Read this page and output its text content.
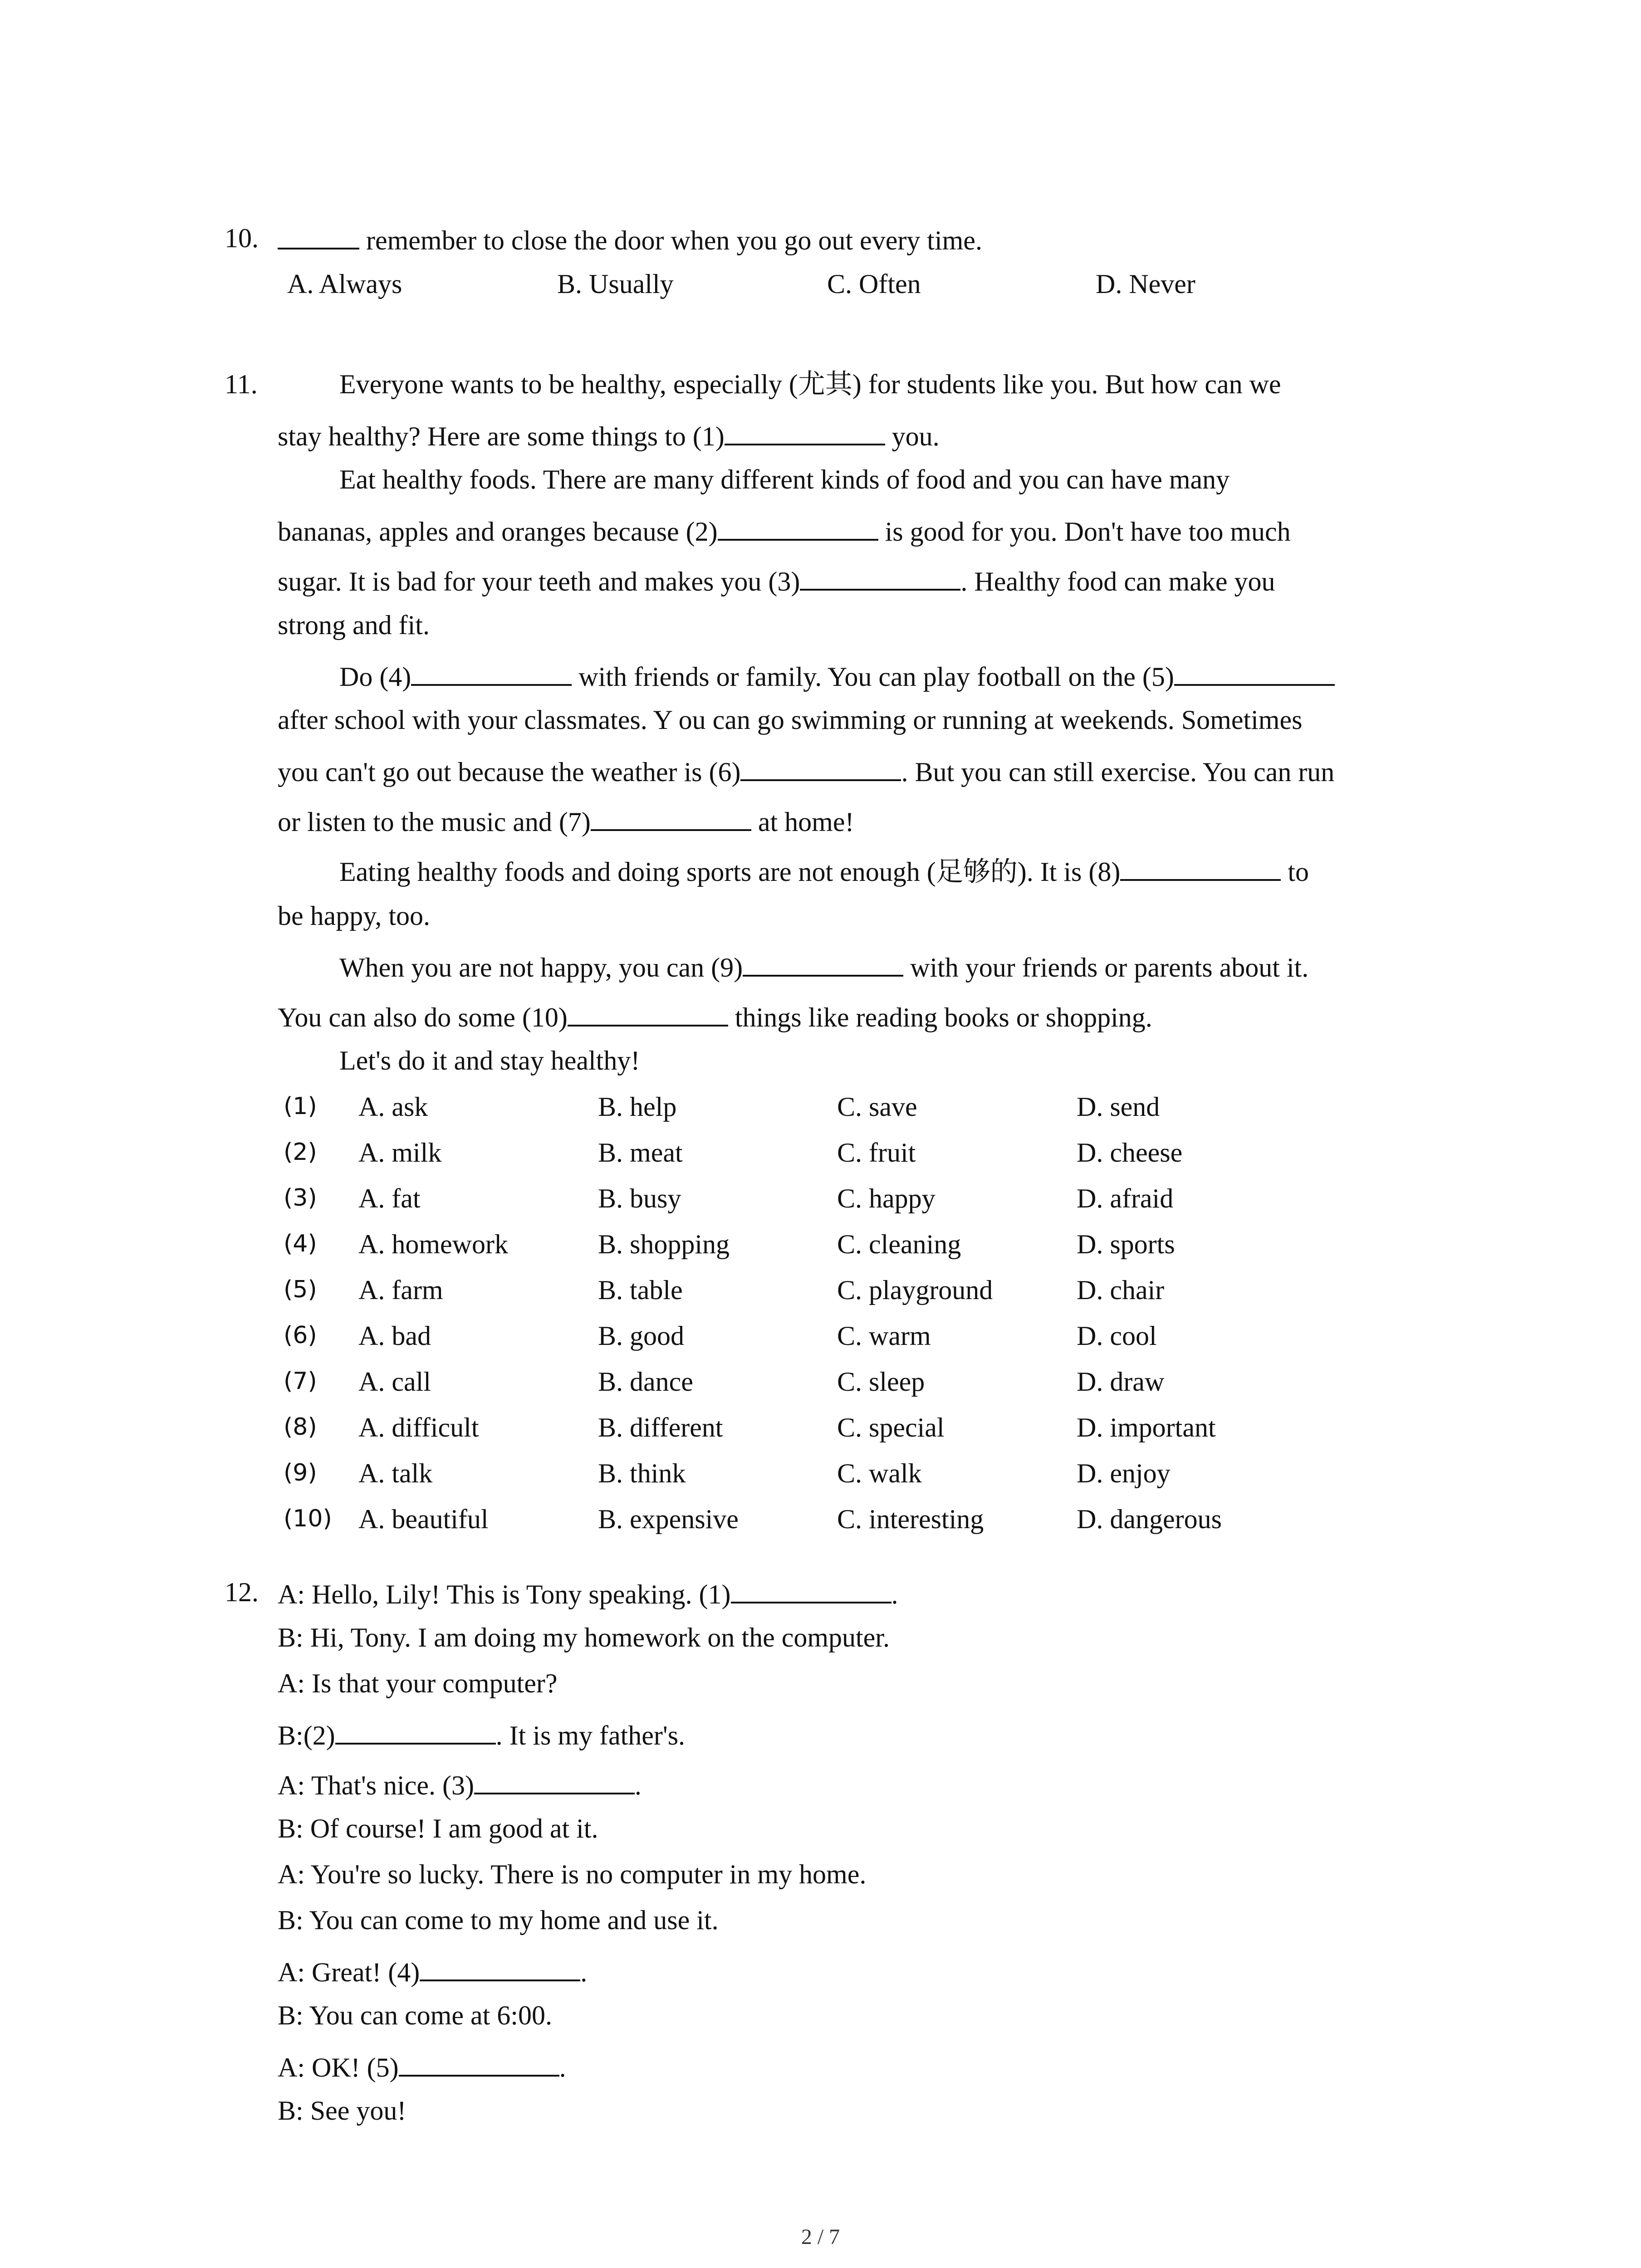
10.	remember to close the door when you go out every time.
A. Always	B. Usually	C. Often	D. Never
11.	Everyone wants to be healthy, especially (尤其) for students like you. But how can we
stay healthy? Here are some things to (1)	you.
Eat healthy foods. There are many different kinds of food and you can have many
bananas, apples and oranges because (2)	is good for you. Don't have too much
sugar. It is bad for your teeth and makes you (3)	. Healthy food can make you
strong and fit.
Do (4)	with friends or family. You can play football on the (5)
after school with your classmates. Y ou can go swimming or running at weekends. Sometimes
you can't go out because the weather is (6)	. But you can still exercise. You can run
or listen to the music and (7)	at home!
Eating healthy foods and doing sports are not enough (足够的). It is (8)	to
be happy, too.
When you are not happy, you can (9)	with your friends or parents about it.
You can also do some (10)	things like reading books or shopping.
Let's do it and stay healthy!
(1) A. ask	B. help	C. save	D. send
(2) A. milk	B. meat	C. fruit	D. cheese
(3) A. fat	B. busy	C. happy	D. afraid
(4) A. homework	B. shopping	C. cleaning	D. sports
(5) A. farm	B. table	C. playground	D. chair
(6) A. bad	B. good	C. warm	D. cool
(7) A. call	B. dance	C. sleep	D. draw
(8) A. difficult	B. different	C. special	D. important
(9) A. talk	B. think	C. walk	D. enjoy
(10) A. beautiful	B. expensive	C. interesting	D. dangerous
12. A: Hello, Lily! This is Tony speaking. (1)	.
B: Hi, Tony. I am doing my homework on the computer.
A: Is that your computer?
B:(2)	. It is my father's.
A: That's nice. (3)	.
B: Of course! I am good at it.
A: You're so lucky. There is no computer in my home.
B: You can come to my home and use it.
A: Great! (4)	.
B: You can come at 6:00.
A: OK! (5)	.
B: See you!
2 / 7
